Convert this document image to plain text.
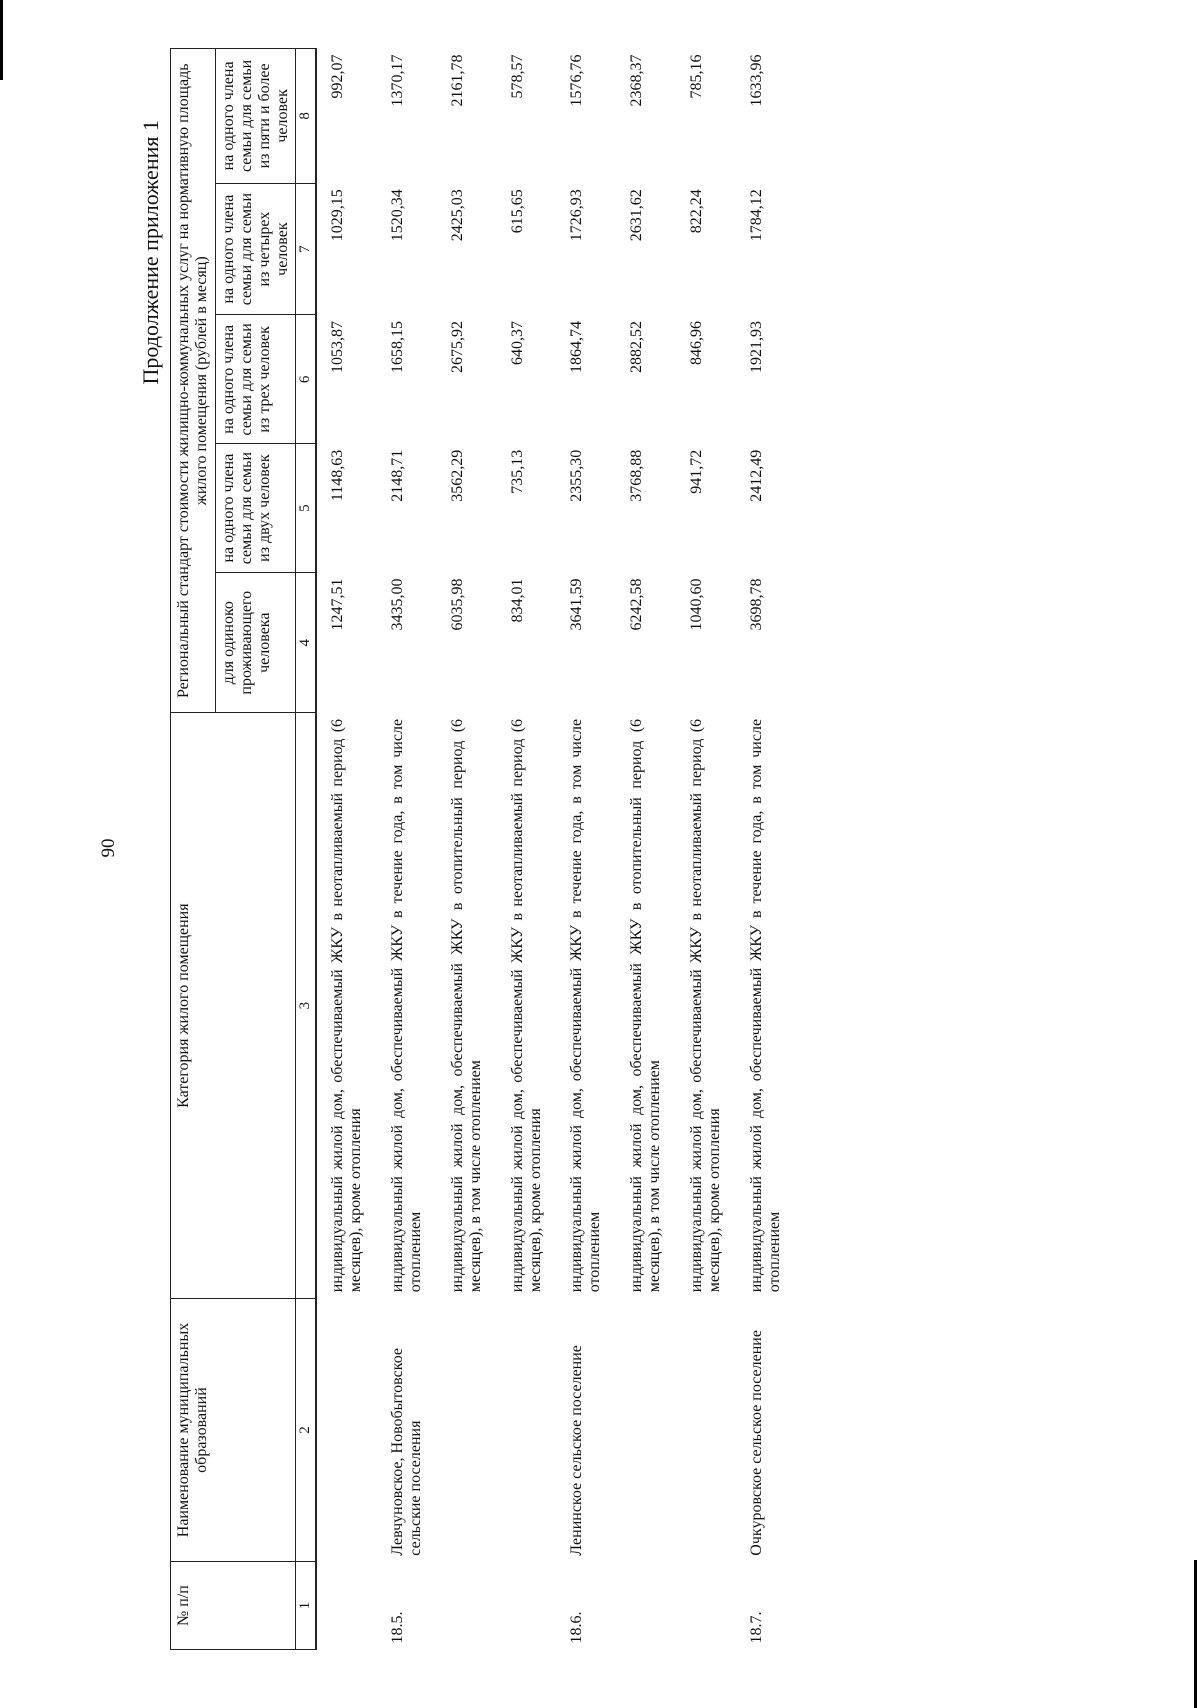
90
Продолжение приложения 1
№ п/п	Наименование муниципальных образований	Категория жилого помещения	Региональный стандарт стоимости жилищно-коммунальных услуг на нормативную площадь жилого помещения (рублей в месяц)				
			для одиноко проживающего человека	на одного члена семьи для семьи из двух человек	на одного члена семьи для семьи из трех человек	на одного члена семьи для семьи из четырех человек	на одного члена семьи для семьи из пяти и более человек
1	2	3	4	5	6	7	8
		индивидуальный жилой дом, обеспечиваемый ЖКУ в неотапливаемый период (6 месяцев), кроме отопления	1247,51	1148,63	1053,87	1029,15	992,07
18.5.	Левчуновское, Новобытовское сельские поселения	индивидуальный жилой дом, обеспечиваемый ЖКУ в течение года, в том числе отоплением	3435,00	2148,71	1658,15	1520,34	1370,17
		индивидуальный жилой дом, обеспечиваемый ЖКУ в отопительный период (6 месяцев), в том числе отоплением	6035,98	3562,29	2675,92	2425,03	2161,78
		индивидуальный жилой дом, обеспечиваемый ЖКУ в неотапливаемый период (6 месяцев), кроме отопления	834,01	735,13	640,37	615,65	578,57
18.6.	Ленинское сельское поселение	индивидуальный жилой дом, обеспечиваемый ЖКУ в течение года, в том числе отоплением	3641,59	2355,30	1864,74	1726,93	1576,76
		индивидуальный жилой дом, обеспечиваемый ЖКУ в отопительный период (6 месяцев), в том числе отоплением	6242,58	3768,88	2882,52	2631,62	2368,37
		индивидуальный жилой дом, обеспечиваемый ЖКУ в неотапливаемый период (6 месяцев), кроме отопления	1040,60	941,72	846,96	822,24	785,16
18.7.	Очкуровское сельское поселение	индивидуальный жилой дом, обеспечиваемый ЖКУ в течение года, в том числе отоплением	3698,78	2412,49	1921,93	1784,12	1633,96
